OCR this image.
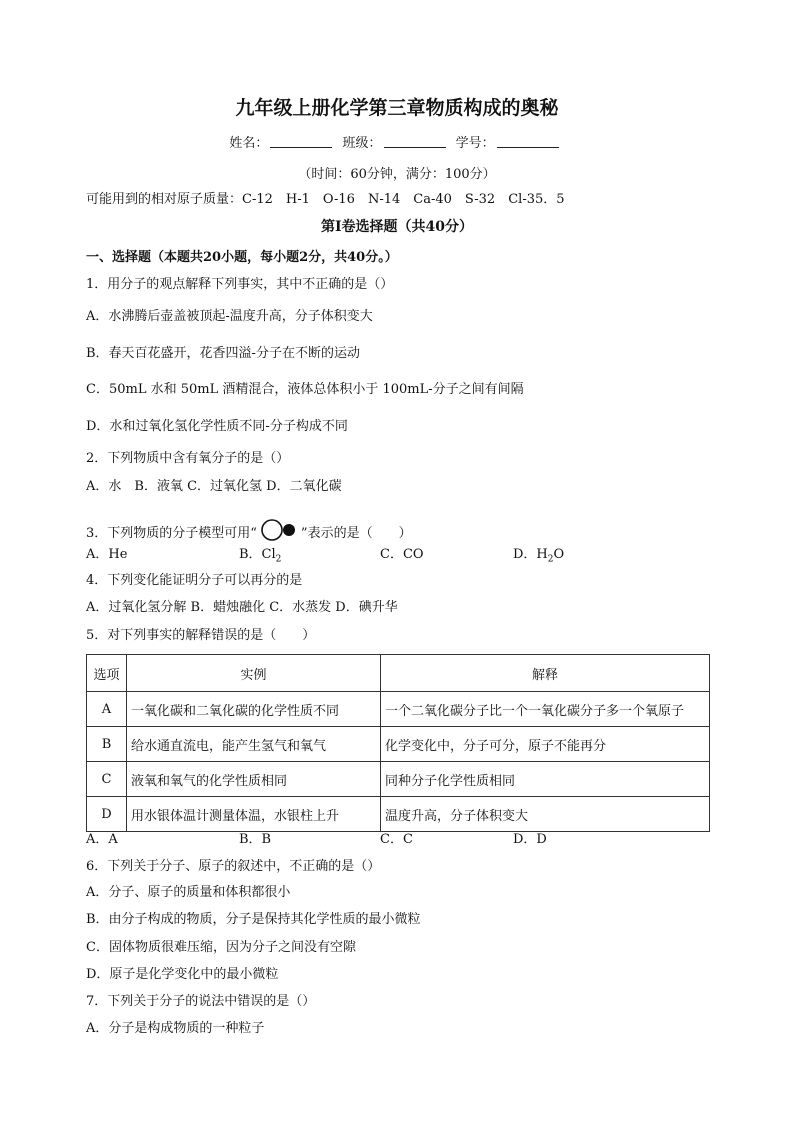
九年级上册化学第三章物质构成的奥秘
姓名：	班级：	学号：
（时间：60分钟，满分：100分）
可能用到的相对原子质量：C-12　H-1　O-16　N-14　Ca-40　S-32　Cl-35．5
第Ⅰ卷选择题（共40分）
一、选择题（本题共20小题，每小题2分，共40分。）
1．用分子的观点解释下列事实，其中不正确的是（）
A．水沸腾后壶盖被顶起-温度升高，分子体积变大
B．春天百花盛开，花香四溢-分子在不断的运动
C．50mL 水和 50mL 酒精混合，液体总体积小于 100mL-分子之间有间隔
D．水和过氧化氢化学性质不同-分子构成不同
2．下列物质中含有氧分子的是（）
A．水　B．液氧 C．过氧化氢 D．二氧化碳
3．下列物质的分子模型可用“	”表示的是（　　）
A．He	B．$Cl_2$	C．CO	D．$H_2O$
4．下列变化能证明分子可以再分的是
A．过氧化氢分解 B．蜡烛融化 C．水蒸发 D．碘升华
5．对下列事实的解释错误的是（　　）
选项	实例	解释
A	一氧化碳和二氧化碳的化学性质不同	一个二氧化碳分子比一个一氧化碳分子多一个氧原子
B	给水通直流电，能产生氢气和氧气	化学变化中，分子可分，原子不能再分
C	液氧和氧气的化学性质相同	同种分子化学性质相同
D	用水银体温计测量体温，水银柱上升	温度升高，分子体积变大
A．A	B．B	C．C	D．D
6．下列关于分子、原子的叙述中，不正确的是（）
A．分子、原子的质量和体积都很小
B．由分子构成的物质，分子是保持其化学性质的最小微粒
C．固体物质很难压缩，因为分子之间没有空隙
D．原子是化学变化中的最小微粒
7．下列关于分子的说法中错误的是（）
A．分子是构成物质的一种粒子
